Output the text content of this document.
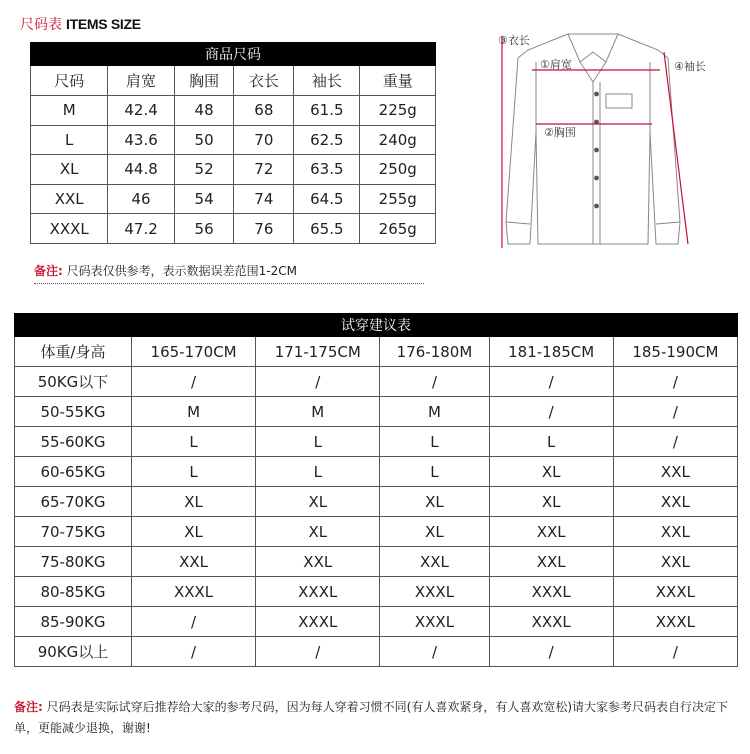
尺码表 ITEMS SIZE
商品尺码					
尺码	肩宽	胸围	衣长	袖长	重量
M	42.4	48	68	61.5	225g
L	43.6	50	70	62.5	240g
XL	44.8	52	72	63.5	250g
XXL	46	54	74	64.5	255g
XXXL	47.2	56	76	65.5	265g
备注: 尺码表仅供参考，表示数据误差范围1-2CM
③衣长
①肩宽	④袖长
②胸围
试穿建议表					
体重/身高	165-170CM	171-175CM	176-180M	181-185CM	185-190CM
50KG以下	/	/	/	/	/
50-55KG	M	M	M	/	/
55-60KG	L	L	L	L	/
60-65KG	L	L	L	XL	XXL
65-70KG	XL	XL	XL	XL	XXL
70-75KG	XL	XL	XL	XXL	XXL
75-80KG	XXL	XXL	XXL	XXL	XXL
80-85KG	XXXL	XXXL	XXXL	XXXL	XXXL
85-90KG	/	XXXL	XXXL	XXXL	XXXL
90KG以上	/	/	/	/	/
备注: 尺码表是实际试穿后推荐给大家的参考尺码，因为每人穿着习惯不同(有人喜欢紧身，有人喜欢宽松)请大家参考尺码表自行决定下单，更能减少退换，谢谢!
